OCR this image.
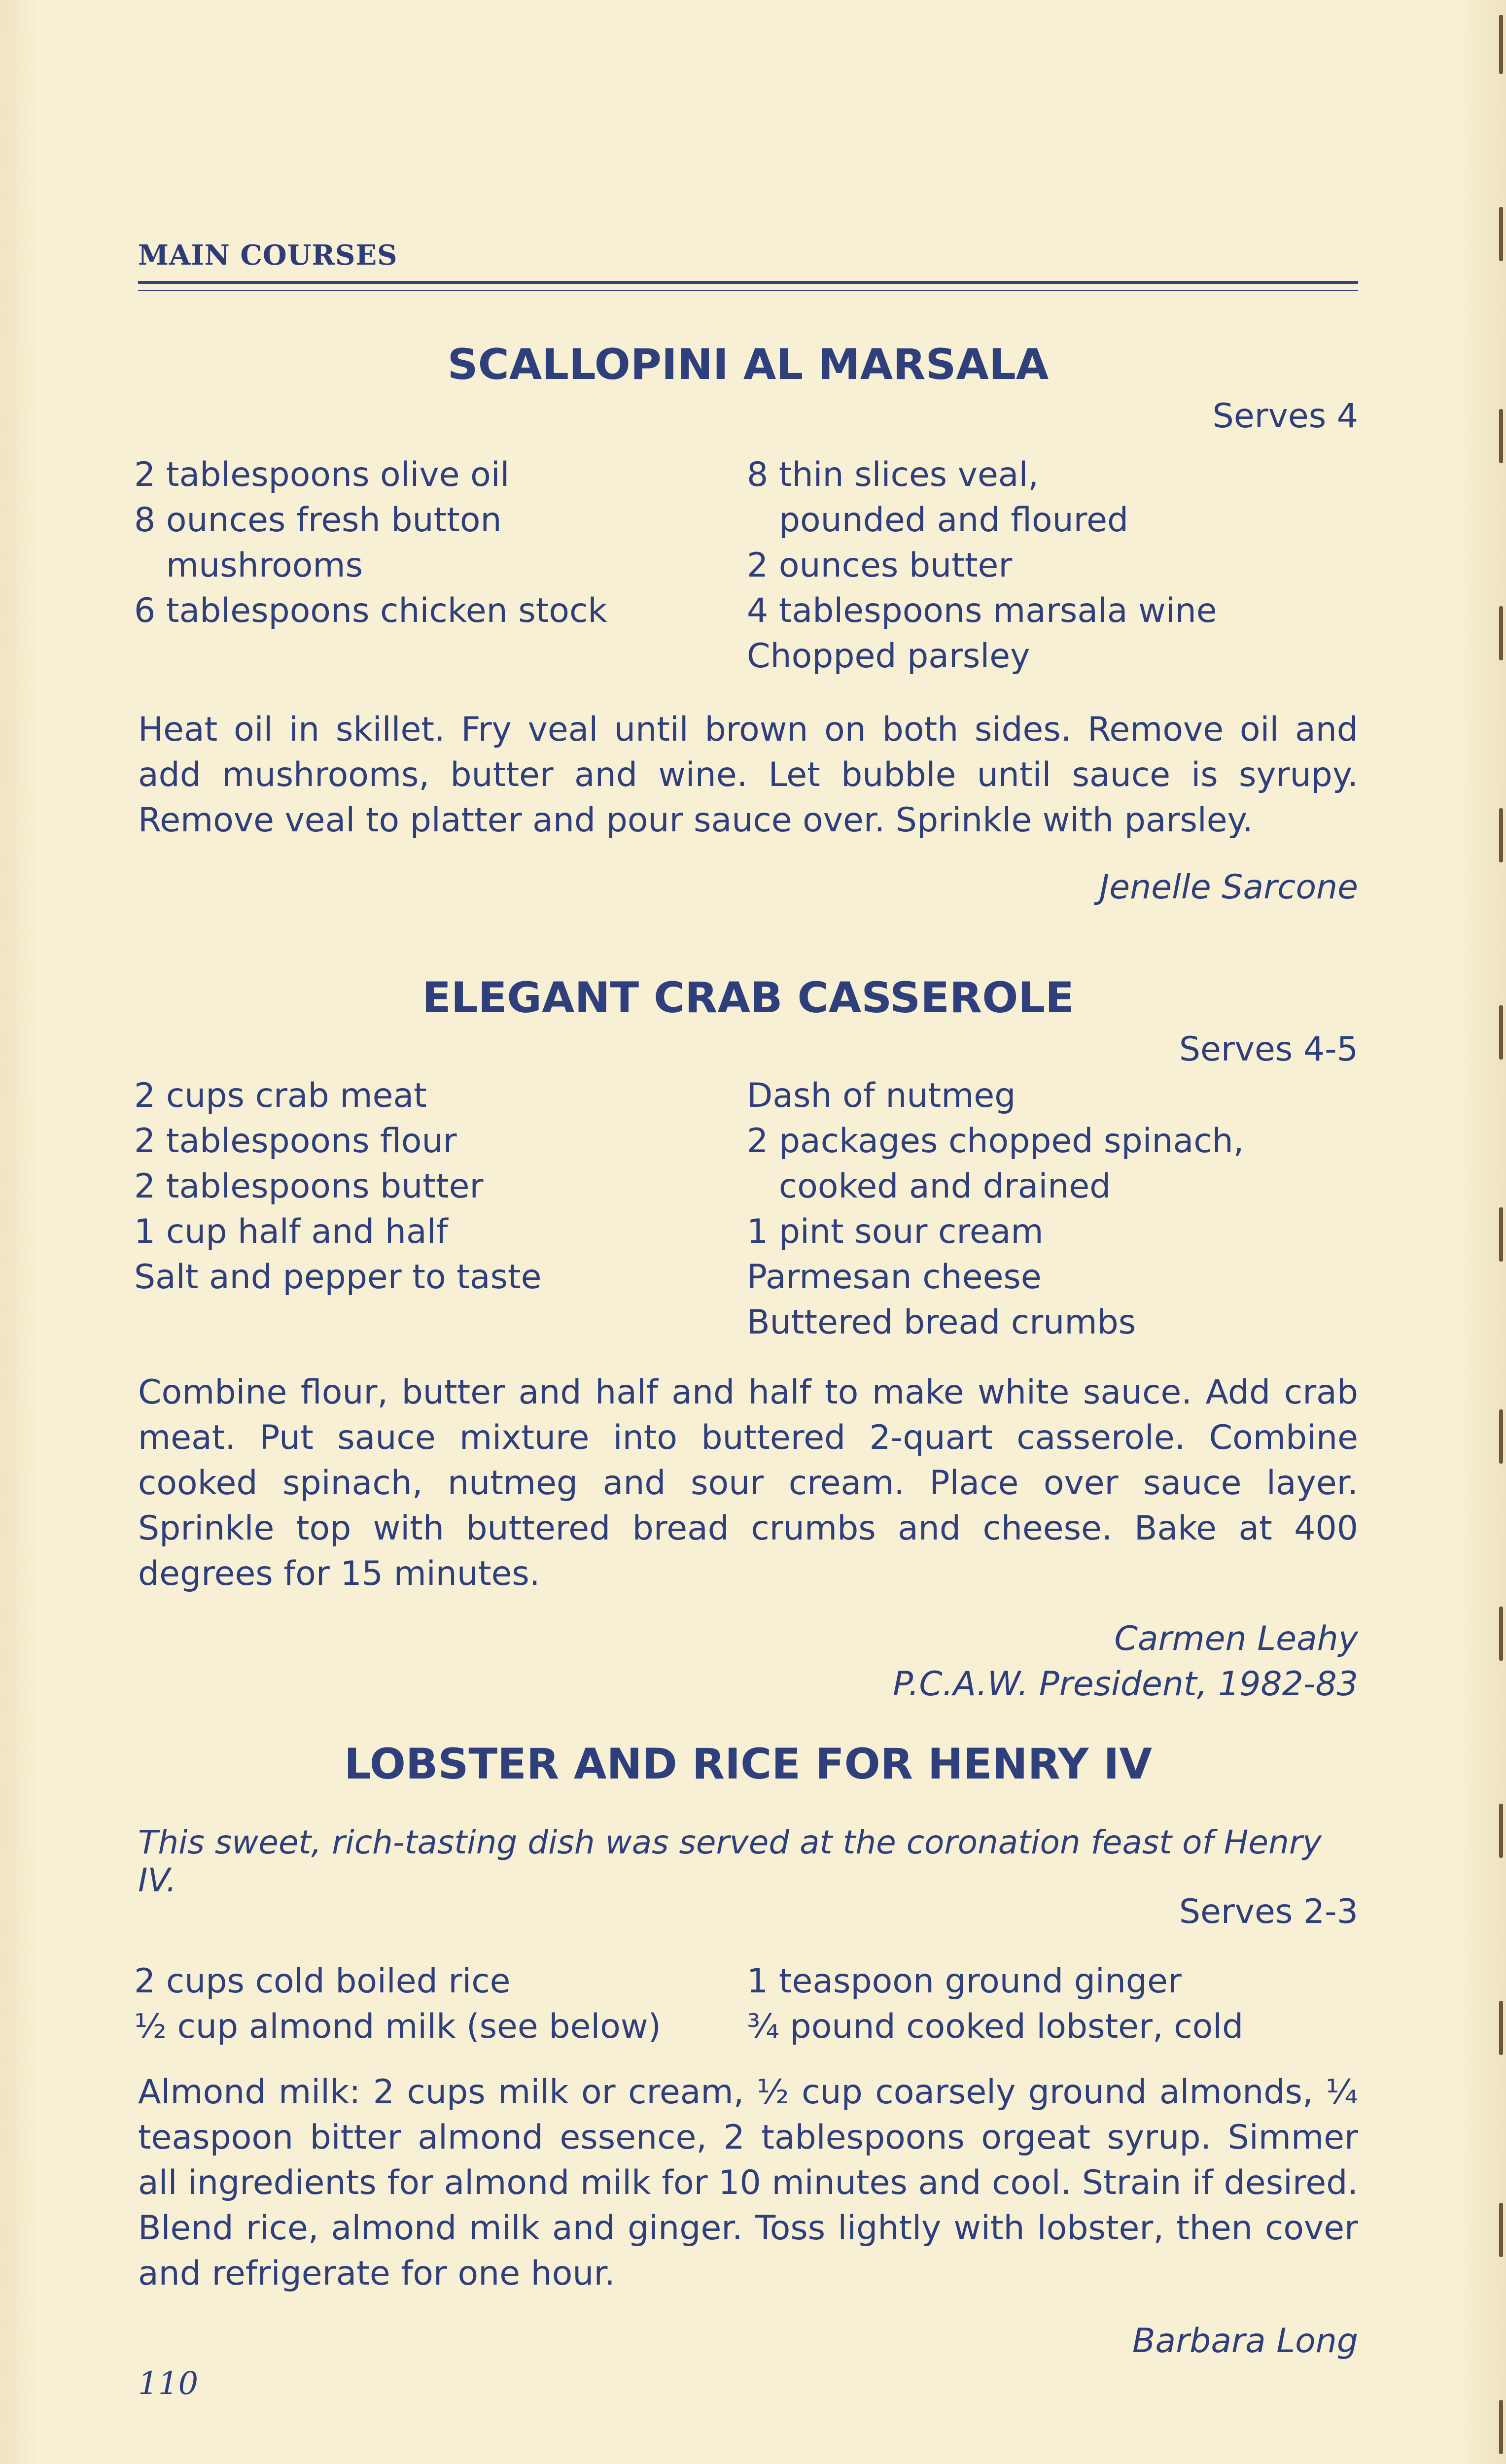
MAIN COURSES
SCALLOPINI AL MARSALA
Serves 4
2 tablespoons olive oil
8 ounces fresh button
mushrooms
6 tablespoons chicken stock
8 thin slices veal,
pounded and floured
2 ounces butter
4 tablespoons marsala wine
Chopped parsley

Heat oil in skillet. Fry veal until brown on both sides. Remove oil and add mushrooms, butter and wine. Let bubble until sauce is syrupy. Remove veal to platter and pour sauce over. Sprinkle with parsley.

Jenelle Sarcone
ELEGANT CRAB CASSEROLE
Serves 4-5
2 cups crab meat
2 tablespoons flour
2 tablespoons butter
1 cup half and half
Salt and pepper to taste
Dash of nutmeg
2 packages chopped spinach,
cooked and drained
1 pint sour cream
Parmesan cheese
Buttered bread crumbs

Combine flour, butter and half and half to make white sauce. Add crab meat. Put sauce mixture into buttered 2-quart casserole. Combine cooked spinach, nutmeg and sour cream. Place over sauce layer. Sprinkle top with buttered bread crumbs and cheese. Bake at 400 degrees for 15 minutes.

Carmen Leahy
P.C.A.W. President, 1982-83
LOBSTER AND RICE FOR HENRY IV
This sweet, rich-tasting dish was served at the coronation feast of Henry IV.
Serves 2-3
2 cups cold boiled rice
½ cup almond milk (see below)
1 teaspoon ground ginger
¾ pound cooked lobster, cold

Almond milk: 2 cups milk or cream, ½ cup coarsely ground almonds, ¼ teaspoon bitter almond essence, 2 tablespoons orgeat syrup. Simmer all ingredients for almond milk for 10 minutes and cool. Strain if desired. Blend rice, almond milk and ginger. Toss lightly with lobster, then cover and refrigerate for one hour.

Barbara Long
110
